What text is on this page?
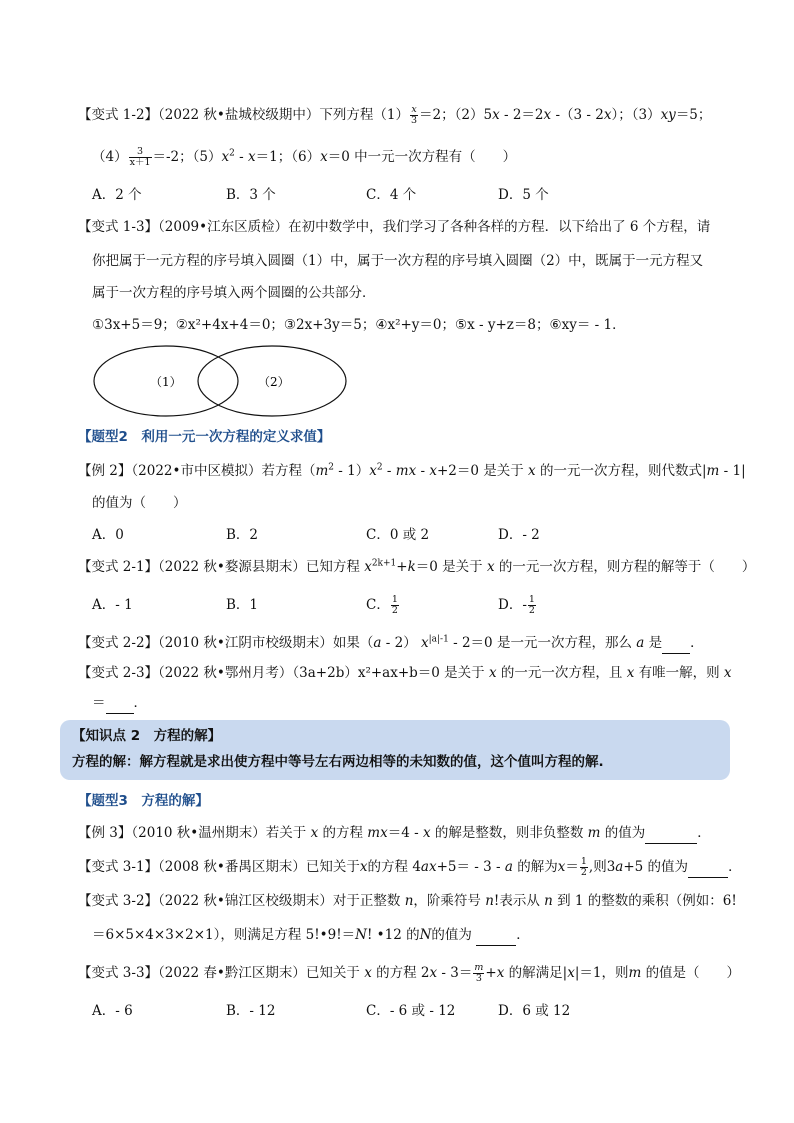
【变式 1-2】（2022 秋•盐城校级期中）下列方程$(1) \frac{x}{3} =2$；（2）5x - 2＝2x -（3 - 2x）；（3）xy＝5；
$(4) \frac{3}{x+1} =-2$；$(5)x^2 - x=1$；（6）x＝0 中一元一次方程有（　　）
A．2 个	B．3 个	C．4 个	D．5 个
【变式 1-3】（2009•江东区质检）在初中数学中，我们学习了各种各样的方程．以下给出了 6 个方程，请
你把属于一元方程的序号填入圆圈（1）中，属于一次方程的序号填入圆圈（2）中，既属于一元方程又
属于一次方程的序号填入两个圆圈的公共部分．
①3x+5＝9；②x²+4x+4＝0；③2x+3y＝5；④x²+y＝0；⑤x - y+z＝8；⑥xy＝ - 1．
（1）	（2）
【题型2　利用一元一次方程的定义求值】
【例 2】（2022•市中区模拟）若方程$(m^2 - 1)x^2$ - mx - x+2＝0 是关于 x 的一元一次方程，则代数式|m - 1|
的值为（　　）
A．0	B．2	C．0 或 2	D．- 2
【变式 2-1】（2022 秋•婺源县期末）已知方程 $x^{2k+1}+k=0$ 是关于 x 的一元一次方程，则方程的解等于（　　）
A．- 1	B．1	C． $\frac{1}{2}$	D．- $\frac{1}{2}$
【变式 2-2】（2010 秋•江阴市校级期末）如果（a - 2） $x^{|a|-1} - 2=0$ 是一元一次方程，那么 a 是 ．
【变式 2-3】（2022 秋•鄂州月考）（3a+2b）x²+ax+b＝0 是关于 x 的一元一次方程，且 x 有唯一解，则 x
＝ ．
【知识点 2　方程的解】
方程的解：解方程就是求出使方程中等号左右两边相等的未知数的值，这个值叫方程的解.
【题型3　方程的解】
【例 3】（2010 秋•温州期末）若关于 x 的方程 mx＝4 - x 的解是整数，则非负整数 m 的值为	．
【变式 3-1】（2008 秋•番禺区期末）已知关于x的方程 4ax+5＝ - 3 - a 的解为$x= \frac{1}{2}$ ,则3a+5 的值为	．
【变式 3-2】（2022 秋•锦江区校级期末）对于正整数 n，阶乘符号 n!表示从 n 到 1 的整数的乘积（例如：6!
＝6×5×4×3×2×1），则满足方程 5!•9!＝N! •12 的N的值为	．
【变式 3-3】（2022 春•黔江区期末）已知关于 x 的方程 $2x - 3= \frac{m}{3} +x$ 的解满足|x|＝1，则m 的值是（　　）
A．- 6	B．- 12	C．- 6 或 - 12	D．6 或 12
